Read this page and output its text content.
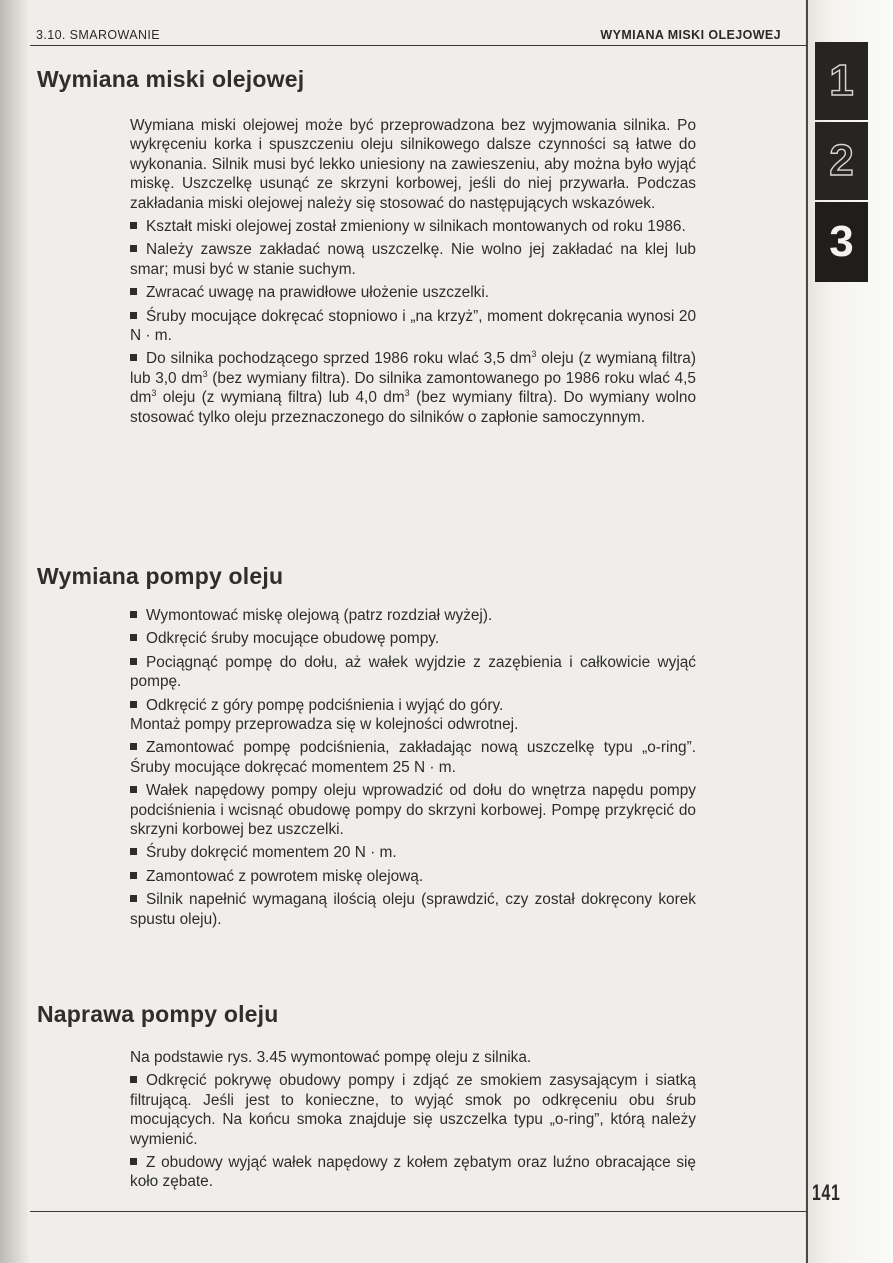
3.10. SMAROWANIE	WYMIANA MISKI OLEJOWEJ
1
2
3
Wymiana miski olejowej

Wymiana miski olejowej może być przeprowadzona bez wyjmowania silnika. Po wykręceniu korka i spuszczeniu oleju silnikowego dalsze czynności są łatwe do wykonania. Silnik musi być lekko uniesiony na zawieszeniu, aby można było wyjąć miskę. Uszczelkę usunąć ze skrzyni korbowej, jeśli do niej przywarła. Podczas zakładania miski olejowej należy się stosować do następujących wskazówek.

Kształt miski olejowej został zmieniony w silnikach montowanych od roku 1986.

Należy zawsze zakładać nową uszczelkę. Nie wolno jej zakładać na klej lub smar; musi być w stanie suchym.

Zwracać uwagę na prawidłowe ułożenie uszczelki.

Śruby mocujące dokręcać stopniowo i „na krzyż”, moment dokręcania wynosi 20 N · m.

Do silnika pochodzącego sprzed 1986 roku wlać 3,5 $dm^3$ oleju (z wymianą filtra) lub 3,0 $dm^3$ (bez wymiany filtra). Do silnika zamontowanego po 1986 roku wlać 4,5 $dm^3$ oleju (z wymianą filtra) lub 4,0 $dm^3$ (bez wymiany filtra). Do wymiany wolno stosować tylko oleju przeznaczonego do silników o zapłonie samoczynnym.

Wymiana pompy oleju

Wymontować miskę olejową (patrz rozdział wyżej).

Odkręcić śruby mocujące obudowę pompy.

Pociągnąć pompę do dołu, aż wałek wyjdzie z zazębienia i całkowicie wyjąć pompę.

Odkręcić z góry pompę podciśnienia i wyjąć do góry.

Montaż pompy przeprowadza się w kolejności odwrotnej.

Zamontować pompę podciśnienia, zakładając nową uszczelkę typu „o-ring”. Śruby mocujące dokręcać momentem 25 N · m.

Wałek napędowy pompy oleju wprowadzić od dołu do wnętrza napędu pompy podciśnienia i wcisnąć obudowę pompy do skrzyni korbowej. Pompę przykręcić do skrzyni korbowej bez uszczelki.

Śruby dokręcić momentem 20 N · m.

Zamontować z powrotem miskę olejową.

Silnik napełnić wymaganą ilością oleju (sprawdzić, czy został dokręcony korek spustu oleju).

Naprawa pompy oleju

Na podstawie rys. 3.45 wymontować pompę oleju z silnika.

Odkręcić pokrywę obudowy pompy i zdjąć ze smokiem zasysającym i siatką filtrującą. Jeśli jest to konieczne, to wyjąć smok po odkręceniu obu śrub mocujących. Na końcu smoka znajduje się uszczelka typu „o-ring”, którą należy wymienić.

Z obudowy wyjąć wałek napędowy z kołem zębatym oraz luźno obracające się koło zębate.	141
